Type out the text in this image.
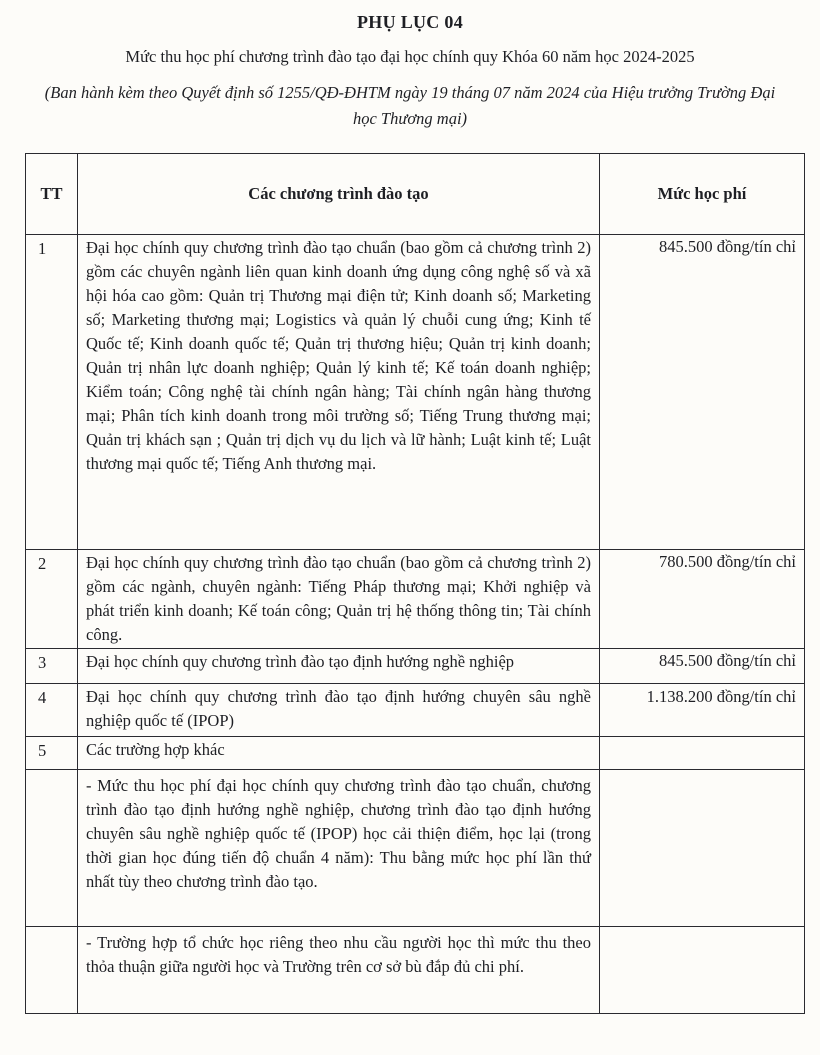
PHỤ LỤC 04
Mức thu học phí chương trình đào tạo đại học chính quy Khóa 60 năm học 2024-2025
(Ban hành kèm theo Quyết định số 1255/QĐ-ĐHTM ngày 19 tháng 07 năm 2024 của Hiệu trưởng Trường Đại học Thương mại)
TT	Các chương trình đào tạo	Mức học phí
1	Đại học chính quy chương trình đào tạo chuẩn (bao gồm cả chương trình 2) gồm các chuyên ngành liên quan kinh doanh ứng dụng công nghệ số và xã hội hóa cao gồm: Quản trị Thương mại điện tử; Kinh doanh số; Marketing số; Marketing thương mại; Logistics và quản lý chuỗi cung ứng; Kinh tế Quốc tế; Kinh doanh quốc tế; Quản trị thương hiệu; Quản trị kinh doanh; Quản trị nhân lực doanh nghiệp; Quản lý kinh tế; Kế toán doanh nghiệp; Kiểm toán; Công nghệ tài chính ngân hàng; Tài chính ngân hàng thương mại; Phân tích kinh doanh trong môi trường số; Tiếng Trung thương mại; Quản trị khách sạn ; Quản trị dịch vụ du lịch và lữ hành; Luật kinh tế; Luật thương mại quốc tế; Tiếng Anh thương mại.	845.500 đồng/tín chỉ
2	Đại học chính quy chương trình đào tạo chuẩn (bao gồm cả chương trình 2) gồm các ngành, chuyên ngành: Tiếng Pháp thương mại; Khởi nghiệp và phát triển kinh doanh; Kế toán công; Quản trị hệ thống thông tin; Tài chính công.	780.500 đồng/tín chỉ
3	Đại học chính quy chương trình đào tạo định hướng nghề nghiệp	845.500 đồng/tín chỉ
4	Đại học chính quy chương trình đào tạo định hướng chuyên sâu nghề nghiệp quốc tế (IPOP)	1.138.200 đồng/tín chỉ
5	Các trường hợp khác	
	- Mức thu học phí đại học chính quy chương trình đào tạo chuẩn, chương trình đào tạo định hướng nghề nghiệp, chương trình đào tạo định hướng chuyên sâu nghề nghiệp quốc tế (IPOP) học cải thiện điểm, học lại (trong thời gian học đúng tiến độ chuẩn 4 năm): Thu bằng mức học phí lần thứ nhất tùy theo chương trình đào tạo.	
	- Trường hợp tổ chức học riêng theo nhu cầu người học thì mức thu theo thỏa thuận giữa người học và Trường trên cơ sở bù đắp đủ chi phí.	
